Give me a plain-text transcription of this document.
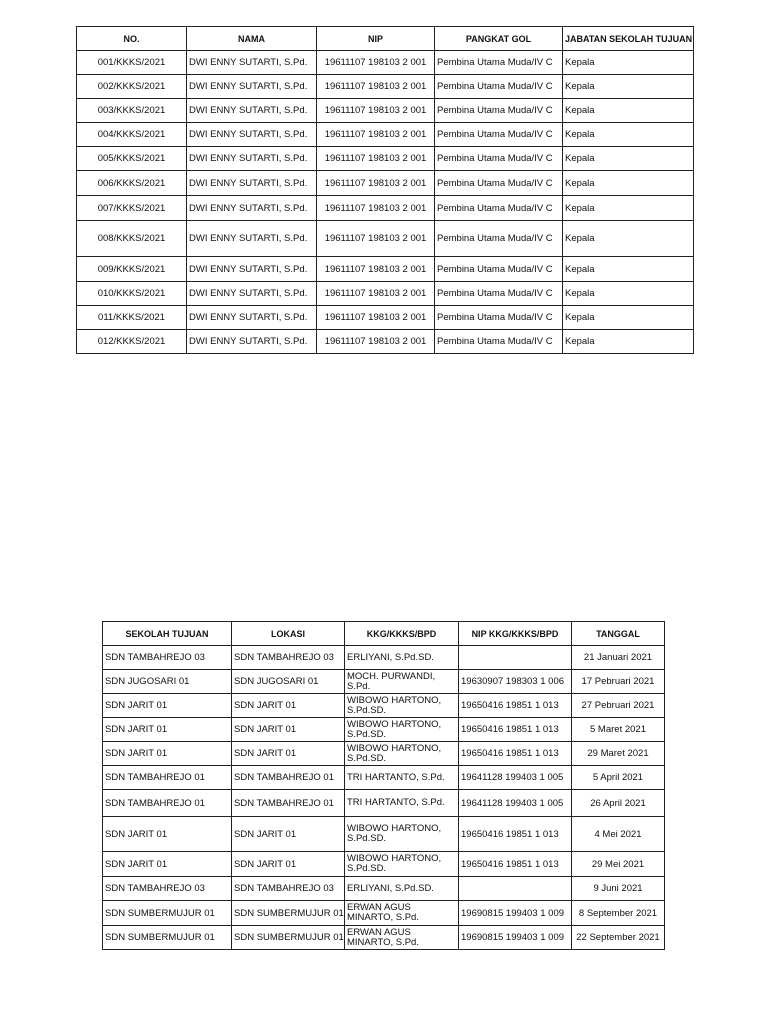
NO.	NAMA	NIP	PANGKAT GOL	JABATAN SEKOLAH TUJUAN
001/KKKS/2021	DWI ENNY SUTARTI, S.Pd.	19611107 198103 2 001	Pembina Utama Muda/IV C	Kepala
002/KKKS/2021	DWI ENNY SUTARTI, S.Pd.	19611107 198103 2 001	Pembina Utama Muda/IV C	Kepala
003/KKKS/2021	DWI ENNY SUTARTI, S.Pd.	19611107 198103 2 001	Pembina Utama Muda/IV C	Kepala
004/KKKS/2021	DWI ENNY SUTARTI, S.Pd.	19611107 198103 2 001	Pembina Utama Muda/IV C	Kepala
005/KKKS/2021	DWI ENNY SUTARTI, S.Pd.	19611107 198103 2 001	Pembina Utama Muda/IV C	Kepala
006/KKKS/2021	DWI ENNY SUTARTI, S.Pd.	19611107 198103 2 001	Pembina Utama Muda/IV C	Kepala
007/KKKS/2021	DWI ENNY SUTARTI, S.Pd.	19611107 198103 2 001	Pembina Utama Muda/IV C	Kepala
008/KKKS/2021	DWI ENNY SUTARTI, S.Pd.	19611107 198103 2 001	Pembina Utama Muda/IV C	Kepala
009/KKKS/2021	DWI ENNY SUTARTI, S.Pd.	19611107 198103 2 001	Pembina Utama Muda/IV C	Kepala
010/KKKS/2021	DWI ENNY SUTARTI, S.Pd.	19611107 198103 2 001	Pembina Utama Muda/IV C	Kepala
011/KKKS/2021	DWI ENNY SUTARTI, S.Pd.	19611107 198103 2 001	Pembina Utama Muda/IV C	Kepala
012/KKKS/2021	DWI ENNY SUTARTI, S.Pd.	19611107 198103 2 001	Pembina Utama Muda/IV C	Kepala
SEKOLAH TUJUAN	LOKASI	KKG/KKKS/BPD	NIP KKG/KKKS/BPD	TANGGAL
SDN TAMBAHREJO 03	SDN TAMBAHREJO 03	ERLIYANI, S.Pd.SD.		21 Januari 2021
SDN JUGOSARI 01	SDN JUGOSARI 01	MOCH. PURWANDI, S.Pd.	19630907 198303 1 006	17 Pebruari 2021
SDN JARIT 01	SDN JARIT 01	WIBOWO HARTONO, S.Pd.SD.	19650416 19851 1 013	27 Pebruari 2021
SDN JARIT 01	SDN JARIT 01	WIBOWO HARTONO, S.Pd.SD.	19650416 19851 1 013	5 Maret 2021
SDN JARIT 01	SDN JARIT 01	WIBOWO HARTONO, S.Pd.SD.	19650416 19851 1 013	29 Maret 2021
SDN TAMBAHREJO 01	SDN TAMBAHREJO 01	TRI HARTANTO, S.Pd.	19641128 199403 1 005	5 April 2021
SDN TAMBAHREJO 01	SDN TAMBAHREJO 01	TRI HARTANTO, S.Pd.	19641128 199403 1 005	26 April 2021
SDN JARIT 01	SDN JARIT 01	WIBOWO HARTONO, S.Pd.SD.	19650416 19851 1 013	4 Mei 2021
SDN JARIT 01	SDN JARIT 01	WIBOWO HARTONO, S.Pd.SD.	19650416 19851 1 013	29 Mei 2021
SDN TAMBAHREJO 03	SDN TAMBAHREJO 03	ERLIYANI, S.Pd.SD.		9 Juni 2021
SDN SUMBERMUJUR 01	SDN SUMBERMUJUR 01	ERWAN AGUS MINARTO, S.Pd.	19690815 199403 1 009	8 September 2021
SDN SUMBERMUJUR 01	SDN SUMBERMUJUR 01	ERWAN AGUS MINARTO, S.Pd.	19690815 199403 1 009	22 September 2021
